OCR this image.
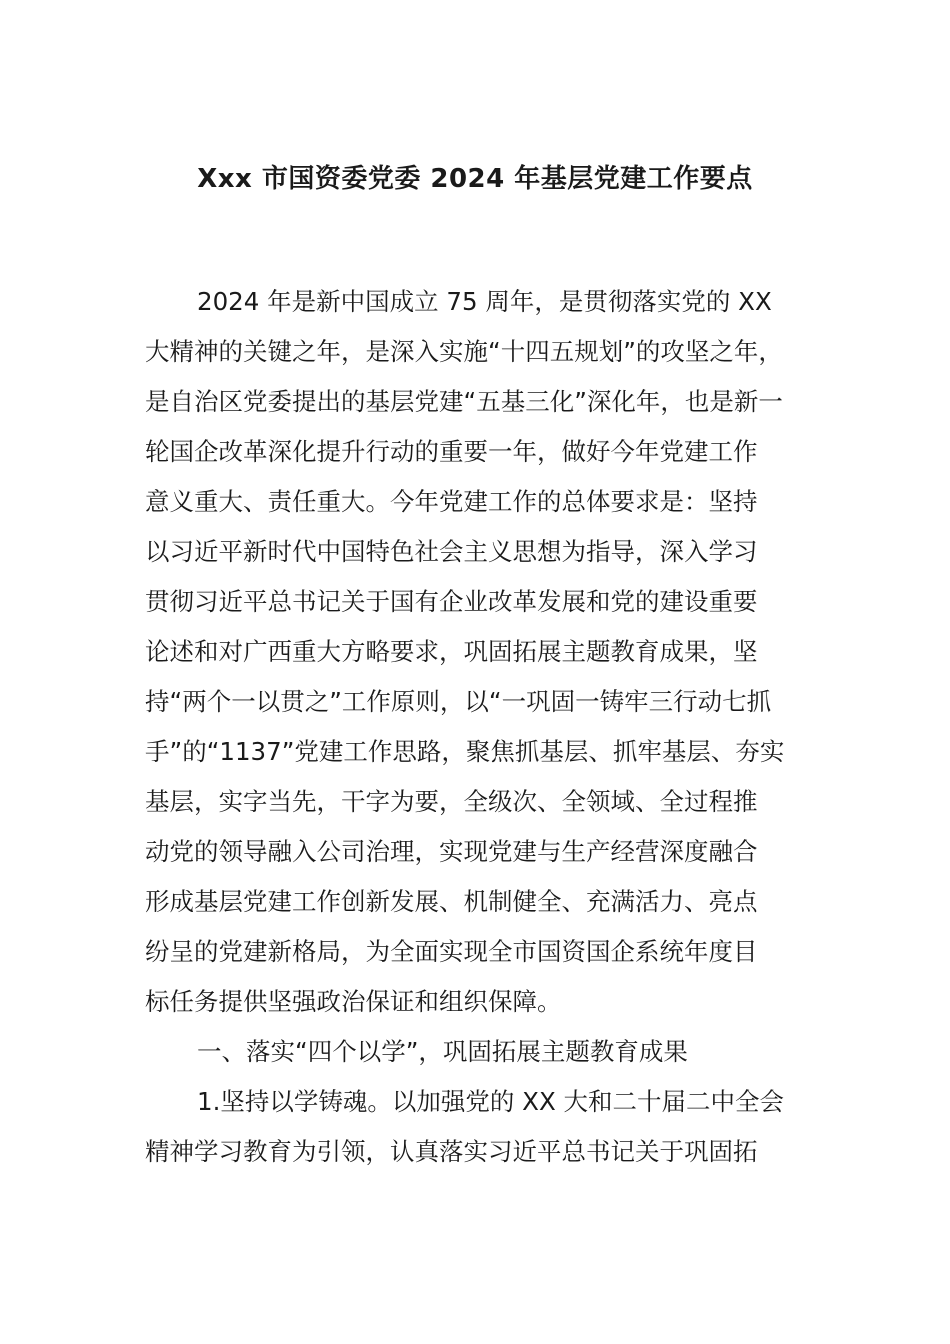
Xxx 市国资委党委 2024 年基层党建工作要点
2024 年是新中国成立 75 周年，是贯彻落实党的 XX
大精神的关键之年，是深入实施“十四五规划”的攻坚之年，
是自治区党委提出的基层党建“五基三化”深化年，也是新一
轮国企改革深化提升行动的重要一年，做好今年党建工作
意义重大、责任重大。今年党建工作的总体要求是：坚持
以习近平新时代中国特色社会主义思想为指导，深入学习
贯彻习近平总书记关于国有企业改革发展和党的建设重要
论述和对广西重大方略要求，巩固拓展主题教育成果，坚
持“两个一以贯之”工作原则，以“一巩固一铸牢三行动七抓
手”的“1137”党建工作思路，聚焦抓基层、抓牢基层、夯实
基层，实字当先，干字为要，全级次、全领域、全过程推
动党的领导融入公司治理，实现党建与生产经营深度融合
形成基层党建工作创新发展、机制健全、充满活力、亮点
纷呈的党建新格局，为全面实现全市国资国企系统年度目
标任务提供坚强政治保证和组织保障。
一、落实“四个以学”，巩固拓展主题教育成果
1.坚持以学铸魂。以加强党的 XX 大和二十届二中全会
精神学习教育为引领，认真落实习近平总书记关于巩固拓
